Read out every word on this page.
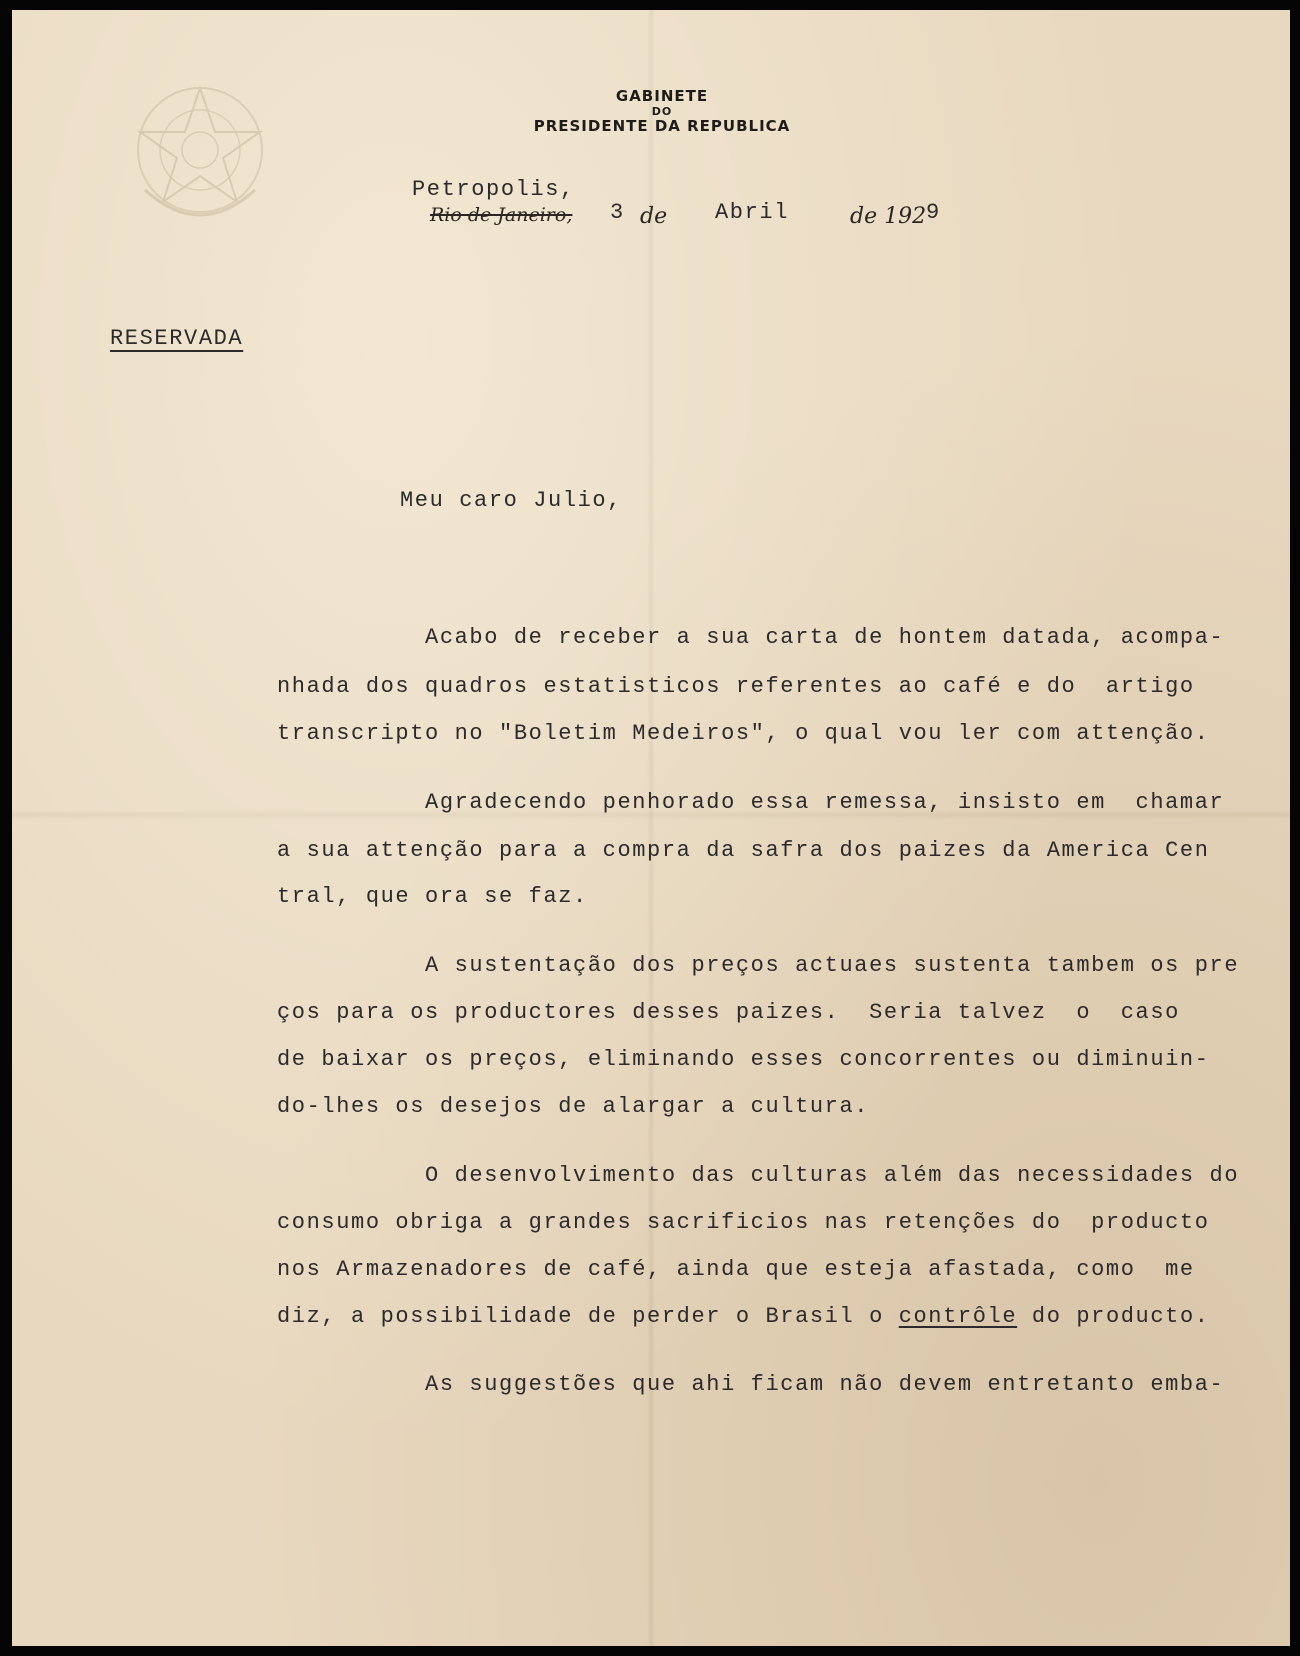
GABINETE
DO
PRESIDENTE DA REPUBLICA
Petropolis,
Rio de Janeiro, 3 de Abril	de 192 9
RESERVADA
Meu caro Julio,
Acabo de receber a sua carta de hontem datada, acompa-
nhada dos quadros estatisticos referentes ao café e do  artigo
transcripto no "Boletim Medeiros", o qual vou ler com attenção.
Agradecendo penhorado essa remessa, insisto em  chamar
a sua attenção para a compra da safra dos paizes da America Cen
tral, que ora se faz.
A sustentação dos preços actuaes sustenta tambem os pre
ços para os productores desses paizes.  Seria talvez  o  caso
de baixar os preços, eliminando esses concorrentes ou diminuin-
do-lhes os desejos de alargar a cultura.
O desenvolvimento das culturas além das necessidades do
consumo obriga a grandes sacrificios nas retenções do  producto
nos Armazenadores de café, ainda que esteja afastada, como  me
diz, a possibilidade de perder o Brasil o contrôle do producto.
As suggestões que ahi ficam não devem entretanto emba-
